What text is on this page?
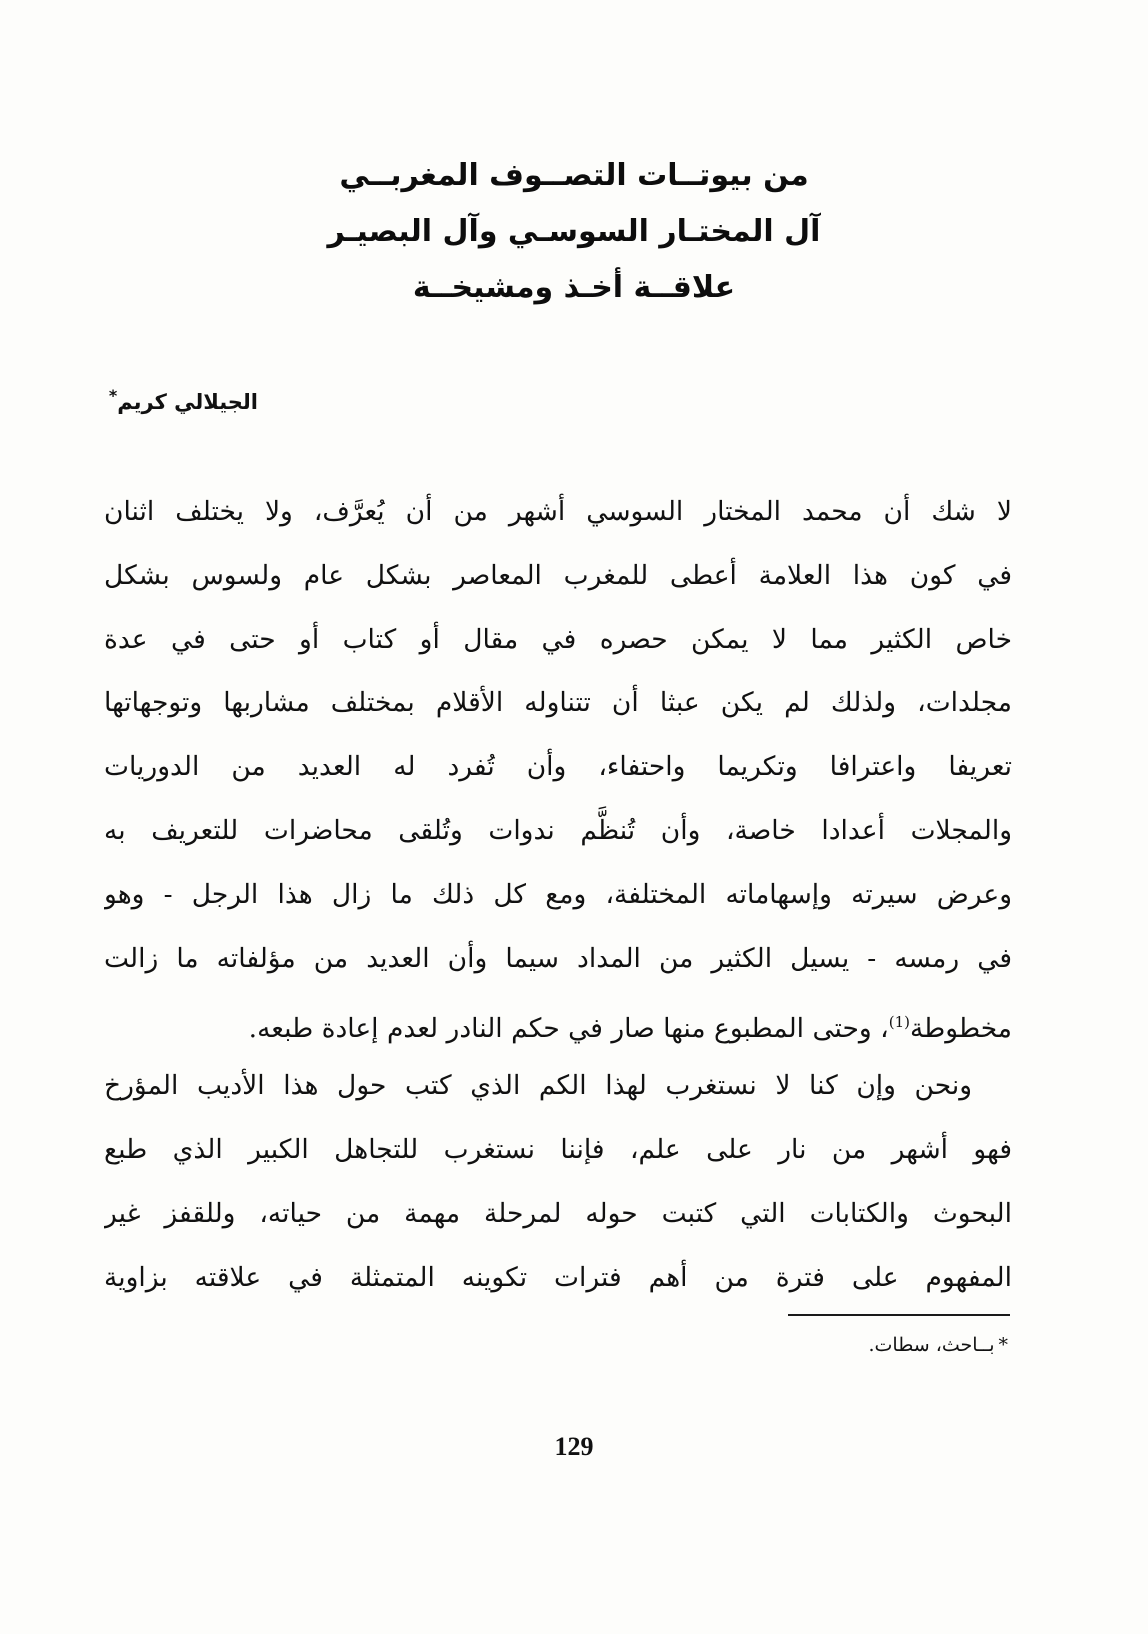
من بيوتــات التصــوف المغربــي
آل المختـار السوسـي وآل البصيـر
علاقــة أخـذ ومشيخــة
الجيلالي كريم*
لا شك أن محمد المختار السوسي أشهر من أن يُعرَّف، ولا يختلف اثنان
في كون هذا العلامة أعطى للمغرب المعاصر بشكل عام ولسوس بشكل
خاص الكثير مما لا يمكن حصره في مقال أو كتاب أو حتى في عدة
مجلدات، ولذلك لم يكن عبثا أن تتناوله الأقلام بمختلف مشاربها وتوجهاتها
تعريفا واعترافا وتكريما واحتفاء، وأن تُفرد له العديد من الدوريات
والمجلات أعدادا خاصة، وأن تُنظَّم ندوات وتُلقى محاضرات للتعريف به
وعرض سيرته وإسهاماته المختلفة، ومع كل ذلك ما زال هذا الرجل - وهو
في رمسه - يسيل الكثير من المداد سيما وأن العديد من مؤلفاته ما زالت
مخطوطة$^{(1)}$، وحتى المطبوع منها صار في حكم النادر لعدم إعادة طبعه.
ونحن وإن كنا لا نستغرب لهذا الكم الذي كتب حول هذا الأديب المؤرخ
فهو أشهر من نار على علم، فإننا نستغرب للتجاهل الكبير الذي طبع
البحوث والكتابات التي كتبت حوله لمرحلة مهمة من حياته، وللقفز غير
المفهوم على فترة من أهم فترات تكوينه المتمثلة في علاقته بزاوية
*بــاحث، سطات.
129
